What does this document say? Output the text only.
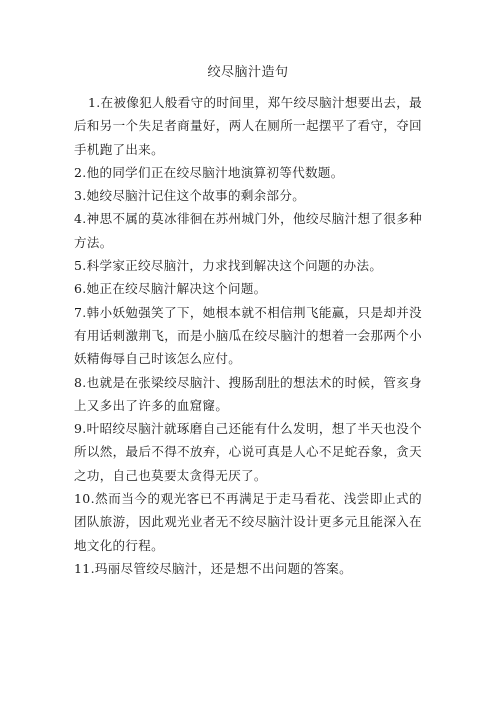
绞尽脑汁造句

1.在被像犯人般看守的时间里，郑午绞尽脑汁想要出去，最后和另一个失足者商量好，两人在厕所一起摆平了看守，夺回手机跑了出来。

2.他的同学们正在绞尽脑汁地演算初等代数题。

3.她绞尽脑汁记住这个故事的剩余部分。

4.神思不属的莫冰徘徊在苏州城门外，他绞尽脑汁想了很多种方法。

5.科学家正绞尽脑汁，力求找到解决这个问题的办法。

6.她正在绞尽脑汁解决这个问题。

7.韩小妖勉强笑了下，她根本就不相信荆飞能赢，只是却并没有用话刺激荆飞，而是小脑瓜在绞尽脑汁的想着一会那两个小妖精侮辱自己时该怎么应付。

8.也就是在张梁绞尽脑汁、搜肠刮肚的想法术的时候，管亥身上又多出了许多的血窟窿。

9.叶昭绞尽脑汁就琢磨自己还能有什么发明，想了半天也没个所以然，最后不得不放弃，心说可真是人心不足蛇吞象，贪天之功，自己也莫要太贪得无厌了。

10.然而当今的观光客已不再满足于走马看花、浅尝即止式的团队旅游，因此观光业者无不绞尽脑汁设计更多元且能深入在地文化的行程。

11.玛丽尽管绞尽脑汁，还是想不出问题的答案。
